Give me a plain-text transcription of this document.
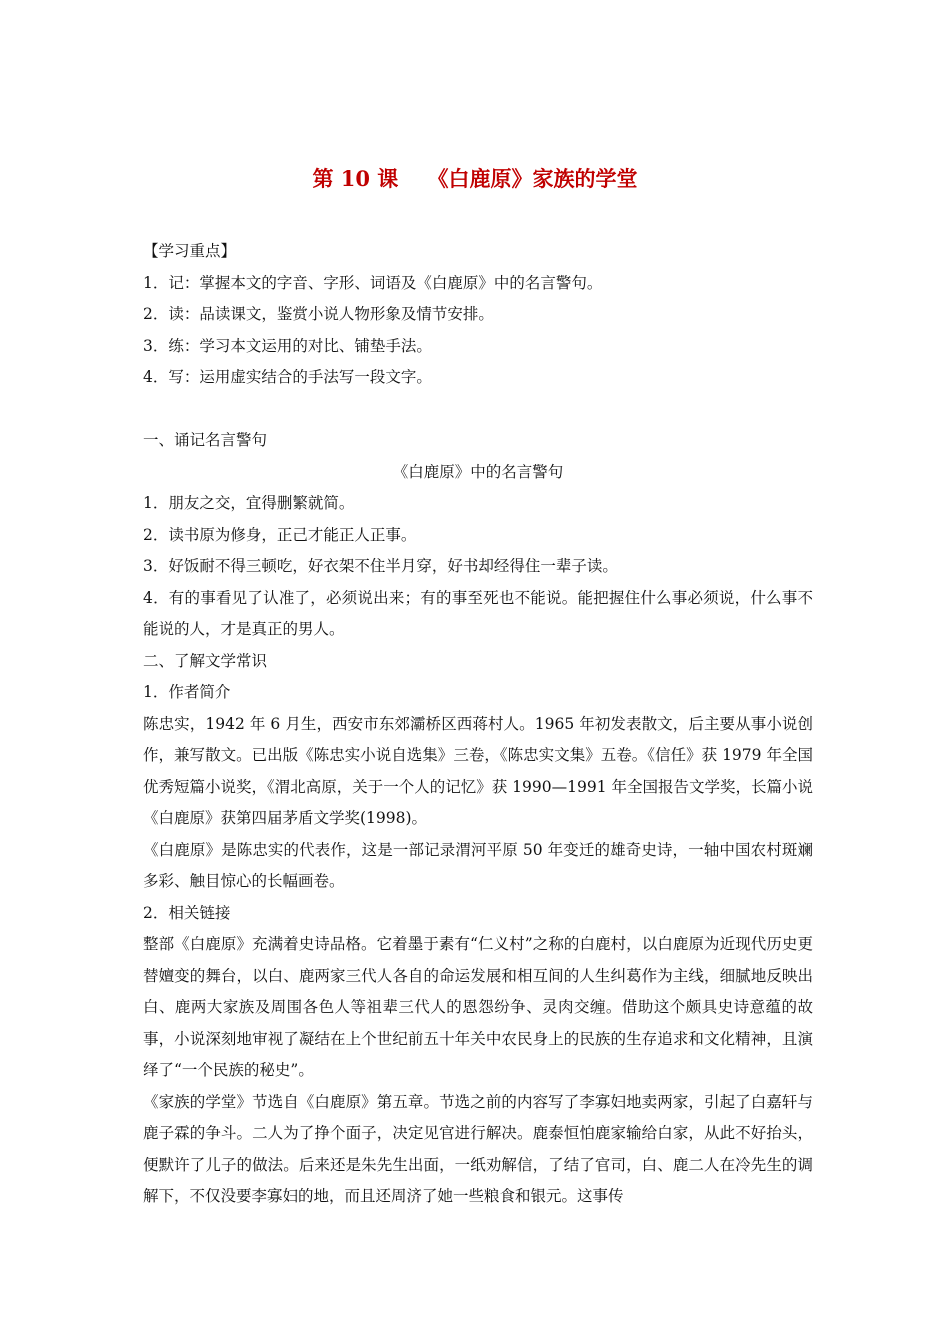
第 10 课    《白鹿原》家族的学堂

【学习重点】

1．记：掌握本文的字音、字形、词语及《白鹿原》中的名言警句。

2．读：品读课文，鉴赏小说人物形象及情节安排。

3．练：学习本文运用的对比、铺垫手法。

4．写：运用虚实结合的手法写一段文字。

一、诵记名言警句

《白鹿原》中的名言警句

1．朋友之交，宜得删繁就简。

2．读书原为修身，正己才能正人正事。

3．好饭耐不得三顿吃，好衣架不住半月穿，好书却经得住一辈子读。

4．有的事看见了认准了，必须说出来；有的事至死也不能说。能把握住什么事必须说，什么事不能说的人，才是真正的男人。

二、了解文学常识

1．作者简介

陈忠实，1942 年 6 月生，西安市东郊灞桥区西蒋村人。1965 年初发表散文，后主要从事小说创作，兼写散文。已出版《陈忠实小说自选集》三卷，《陈忠实文集》五卷。《信任》获 1979 年全国优秀短篇小说奖，《渭北高原，关于一个人的记忆》获 1990—1991 年全国报告文学奖，长篇小说《白鹿原》获第四届茅盾文学奖(1998)。

《白鹿原》是陈忠实的代表作，这是一部记录渭河平原 50 年变迁的雄奇史诗，一轴中国农村斑斓多彩、触目惊心的长幅画卷。

2．相关链接

整部《白鹿原》充满着史诗品格。它着墨于素有“仁义村”之称的白鹿村，以白鹿原为近现代历史更替嬗变的舞台，以白、鹿两家三代人各自的命运发展和相互间的人生纠葛作为主线，细腻地反映出白、鹿两大家族及周围各色人等祖辈三代人的恩怨纷争、灵肉交缠。借助这个颇具史诗意蕴的故事，小说深刻地审视了凝结在上个世纪前五十年关中农民身上的民族的生存追求和文化精神，且演绎了“一个民族的秘史”。

《家族的学堂》节选自《白鹿原》第五章。节选之前的内容写了李寡妇地卖两家，引起了白嘉轩与鹿子霖的争斗。二人为了挣个面子，决定见官进行解决。鹿泰恒怕鹿家输给白家，从此不好抬头，便默许了儿子的做法。后来还是朱先生出面，一纸劝解信，了结了官司，白、鹿二人在冷先生的调解下，不仅没要李寡妇的地，而且还周济了她一些粮食和银元。这事传
